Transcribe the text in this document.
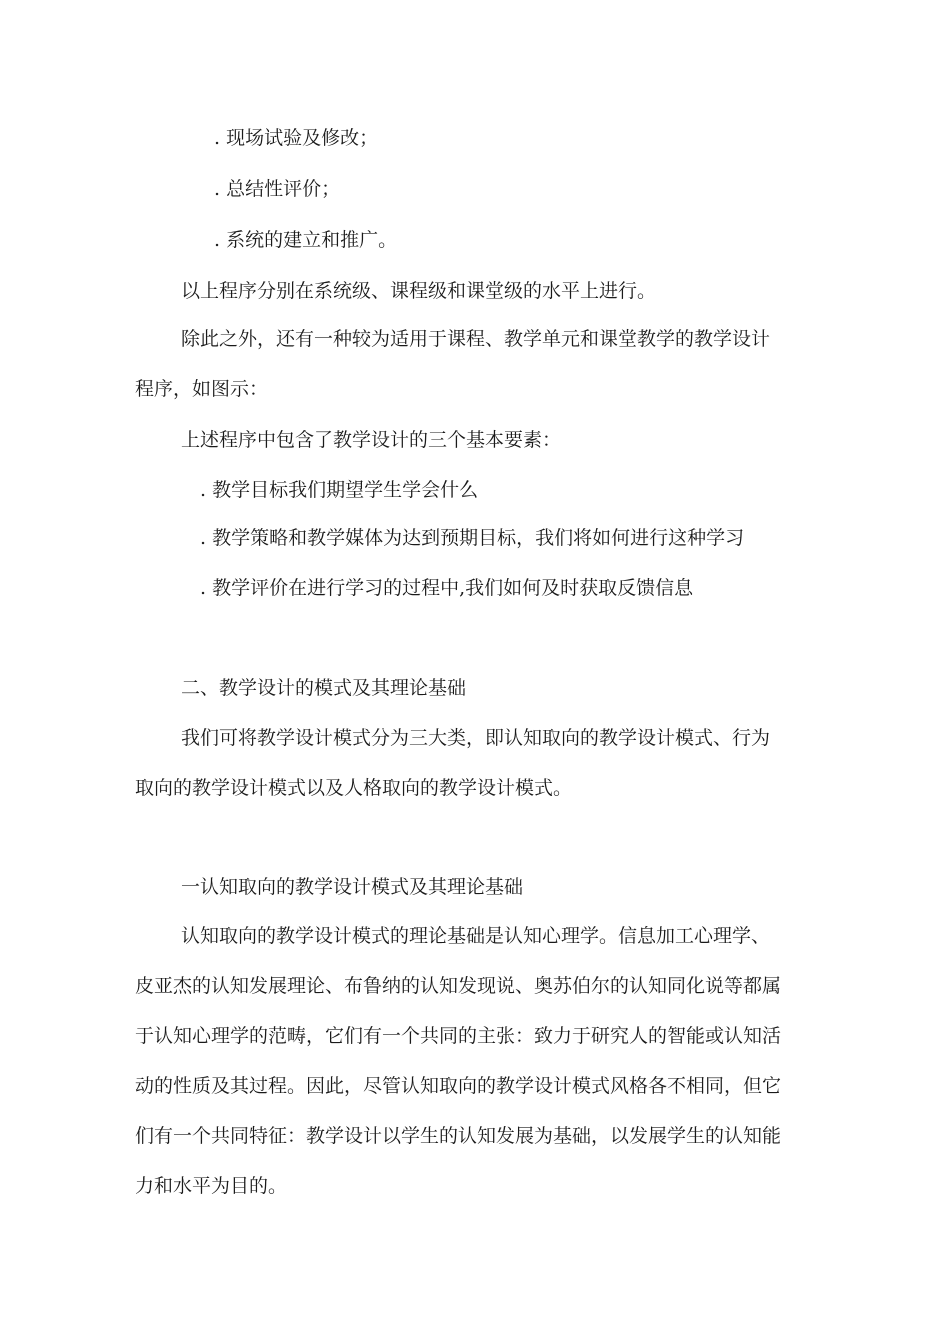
. 现场试验及修改；
. 总结性评价；
. 系统的建立和推广。
以上程序分别在系统级、课程级和课堂级的水平上进行。
除此之外，还有一种较为适用于课程、教学单元和课堂教学的教学设计
程序，如图示：
上述程序中包含了教学设计的三个基本要素：
. 教学目标我们期望学生学会什么
. 教学策略和教学媒体为达到预期目标，我们将如何进行这种学习
. 教学评价在进行学习的过程中,我们如何及时获取反馈信息
二、教学设计的模式及其理论基础
我们可将教学设计模式分为三大类，即认知取向的教学设计模式、行为
取向的教学设计模式以及人格取向的教学设计模式。
一认知取向的教学设计模式及其理论基础
认知取向的教学设计模式的理论基础是认知心理学。信息加工心理学、
皮亚杰的认知发展理论、布鲁纳的认知发现说、奥苏伯尔的认知同化说等都属
于认知心理学的范畴，它们有一个共同的主张：致力于研究人的智能或认知活
动的性质及其过程。因此，尽管认知取向的教学设计模式风格各不相同，但它
们有一个共同特征：教学设计以学生的认知发展为基础，以发展学生的认知能
力和水平为目的。
